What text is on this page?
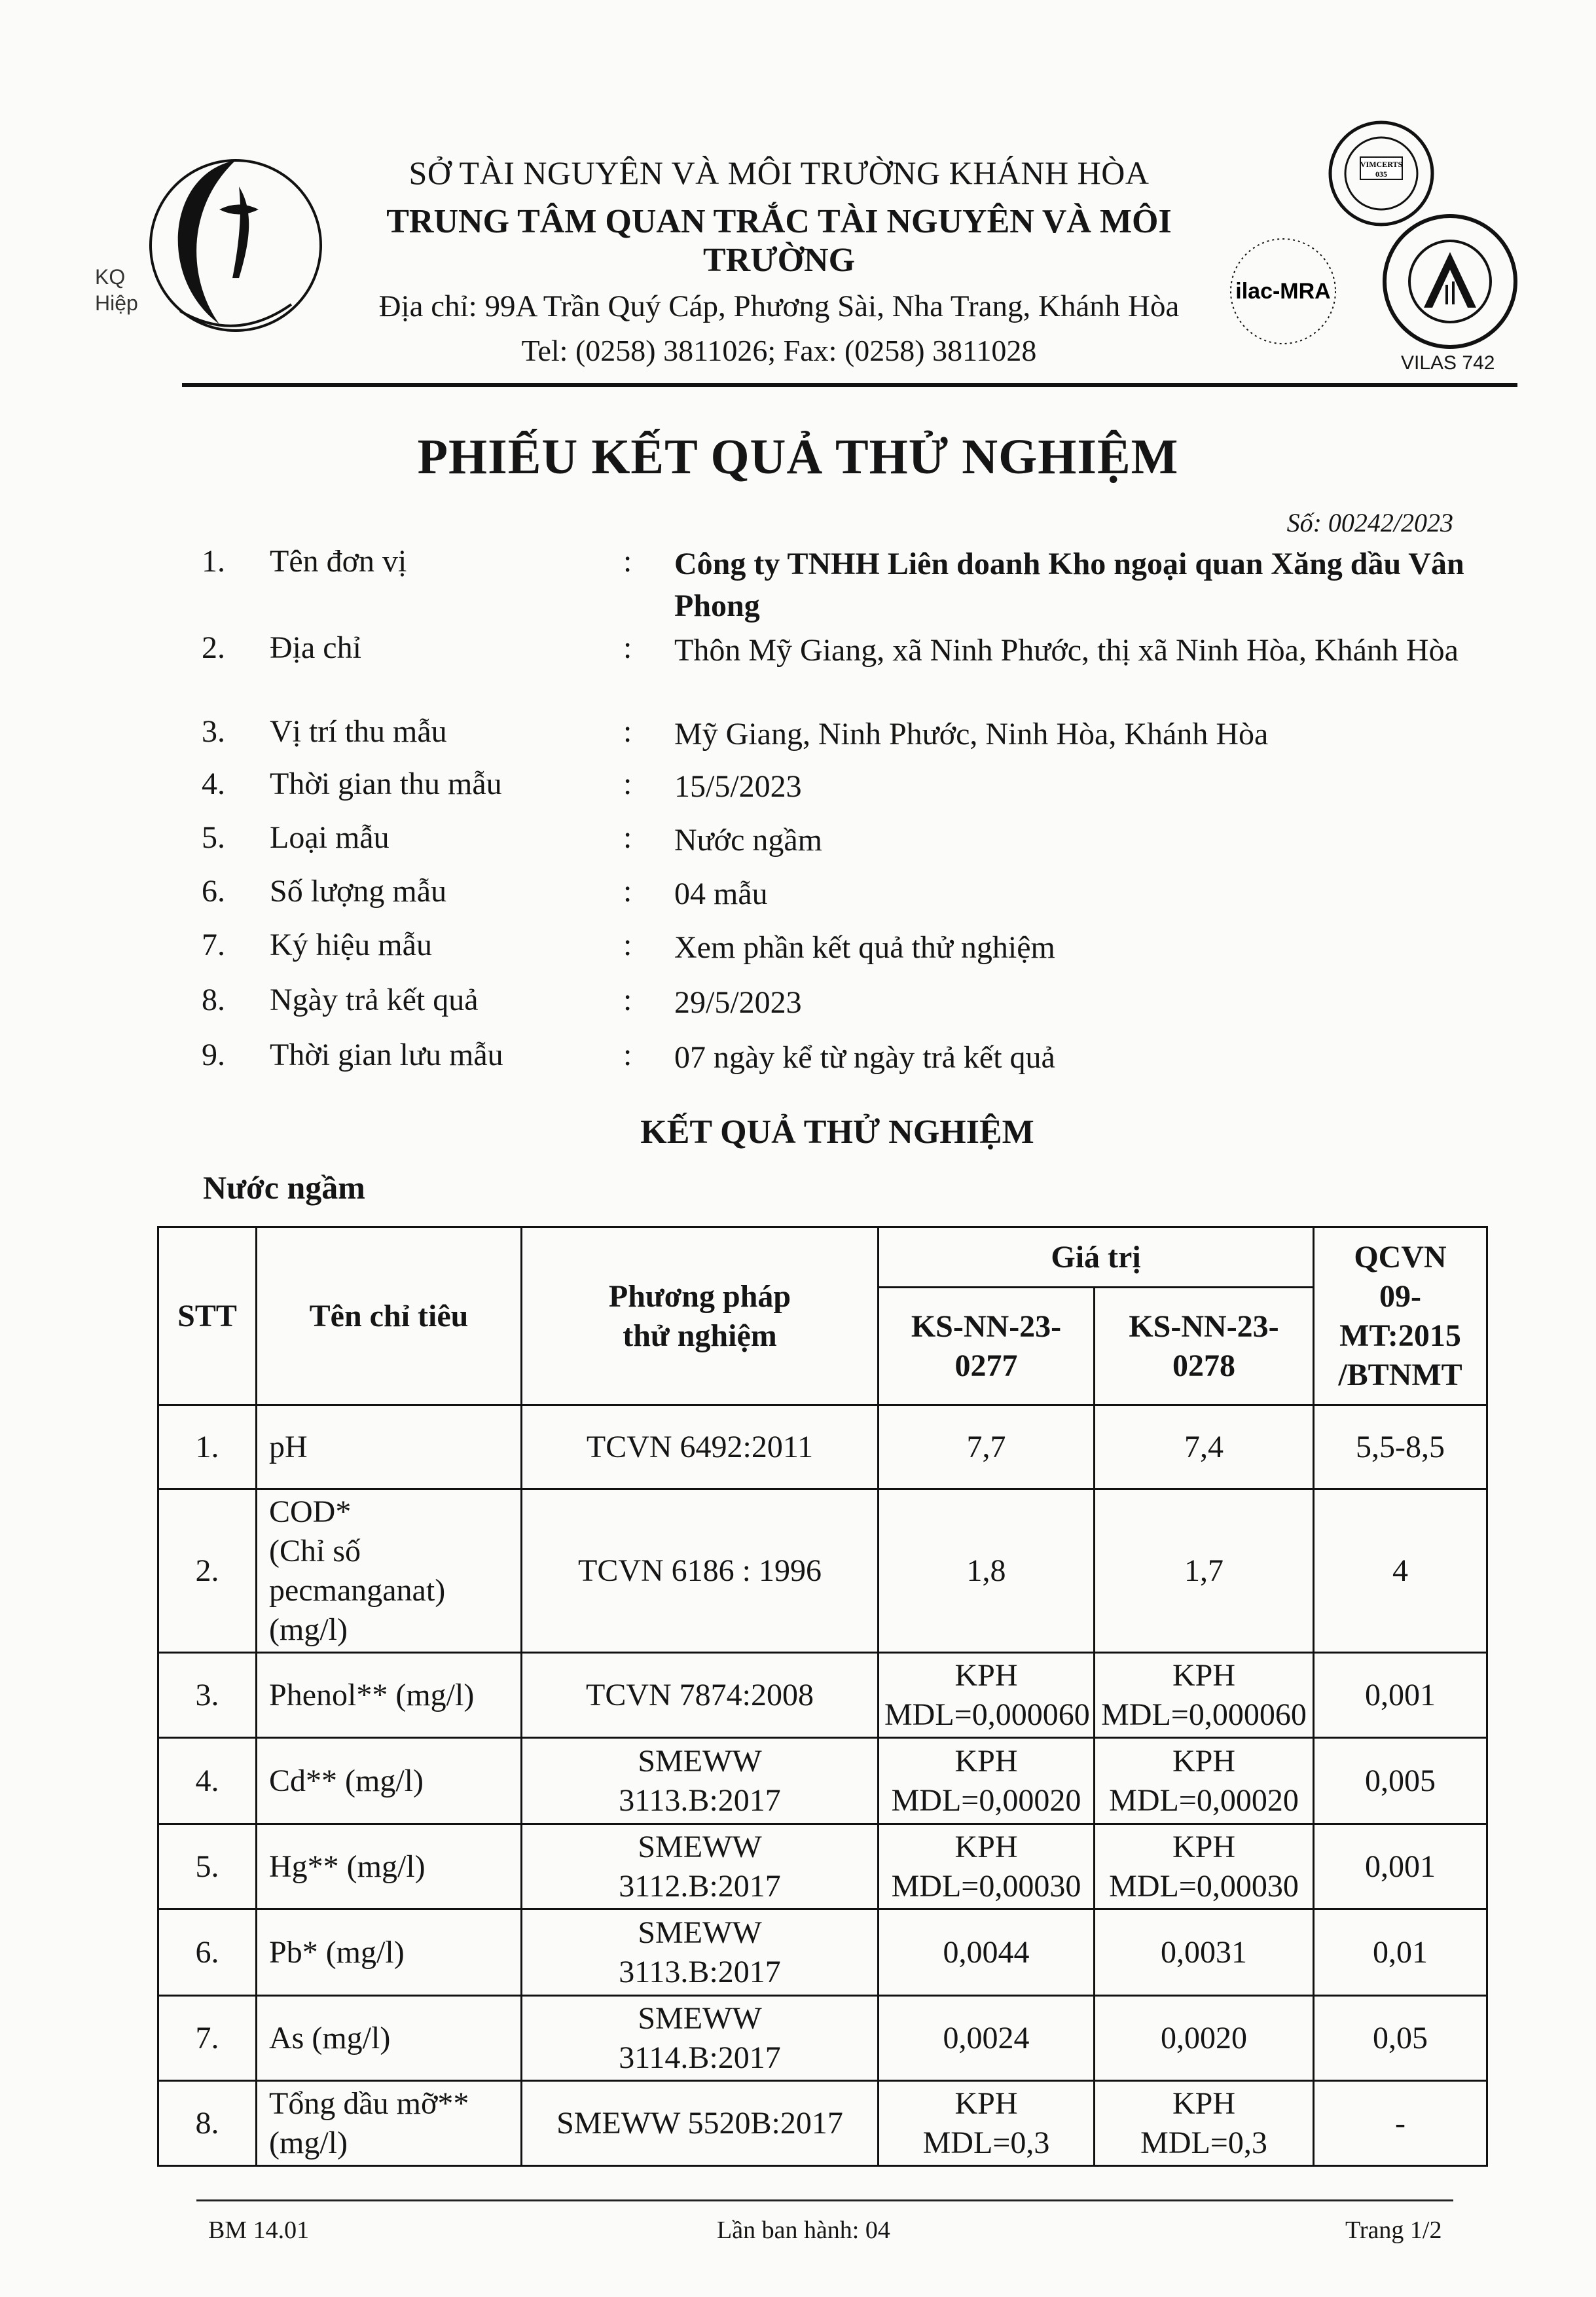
KQ
Hiệp
SỞ TÀI NGUYÊN VÀ MÔI TRƯỜNG KHÁNH HÒA
TRUNG TÂM QUAN TRẮC TÀI NGUYÊN VÀ MÔI TRƯỜNG
Địa chỉ: 99A Trần Quý Cáp, Phương Sài, Nha Trang, Khánh Hòa
Tel: (0258) 3811026; Fax: (0258) 3811028
VIMCERTS
035
ilac-MRA
VILAS 742
PHIẾU KẾT QUẢ THỬ NGHIỆM
Số: 00242/2023
1. Tên đơn vị	: Công ty TNHH Liên doanh Kho ngoại quan Xăng dầu Vân Phong
2. Địa chỉ	: Thôn Mỹ Giang, xã Ninh Phước, thị xã Ninh Hòa, Khánh Hòa
3. Vị trí thu mẫu	: Mỹ Giang, Ninh Phước, Ninh Hòa, Khánh Hòa
4. Thời gian thu mẫu	: 15/5/2023
5. Loại mẫu	: Nước ngầm
6. Số lượng mẫu	: 04 mẫu
7. Ký hiệu mẫu	: Xem phần kết quả thử nghiệm
8. Ngày trả kết quả	: 29/5/2023
9. Thời gian lưu mẫu	: 07 ngày kể từ ngày trả kết quả
KẾT QUẢ THỬ NGHIỆM
Nước ngầm
STT	Tên chỉ tiêu	Phương pháp
thử nghiệm	Giá trị		QCVN
09-
MT:2015
/BTNMT

			KS-NN-23-
0277	KS-NN-23-
0278	

1.	pH	TCVN 6492:2011	7,7	7,4	5,5-8,5
2.	COD*
(Chỉ số
pecmanganat)
(mg/l)	TCVN 6186 : 1996	1,8	1,7	4
3.	Phenol** (mg/l)	TCVN 7874:2008	KPH
MDL=0,000060	KPH
MDL=0,000060	0,001
4.	Cd** (mg/l)	SMEWW
3113.B:2017	KPH
MDL=0,00020	KPH
MDL=0,00020	0,005
5.	Hg** (mg/l)	SMEWW
3112.B:2017	KPH
MDL=0,00030	KPH
MDL=0,00030	0,001
6.	Pb* (mg/l)	SMEWW
3113.B:2017	0,0044	0,0031	0,01
7.	As (mg/l)	SMEWW
3114.B:2017	0,0024	0,0020	0,05
8.	Tổng dầu mỡ**
(mg/l)	SMEWW 5520B:2017	KPH
MDL=0,3	KPH
MDL=0,3	-
BM 14.01	Lần ban hành: 04	Trang 1/2
